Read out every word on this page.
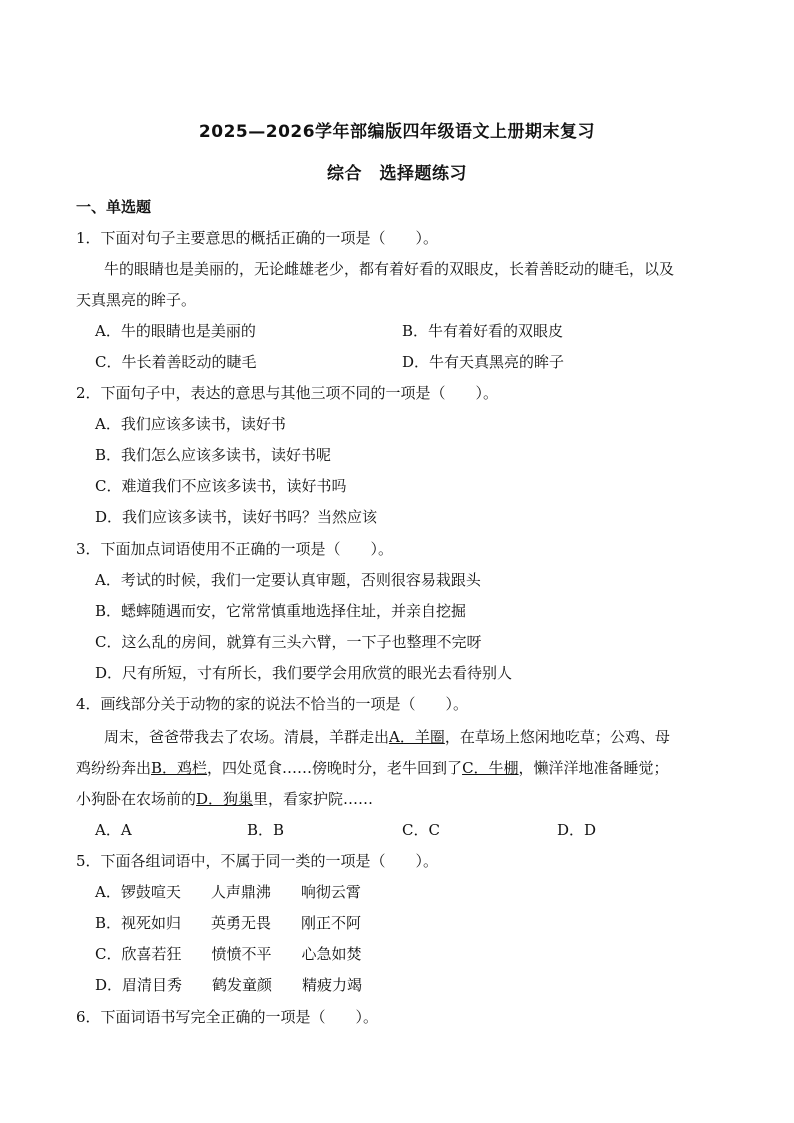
2025—2026学年部编版四年级语文上册期末复习
综合　选择题练习
一、单选题
1．下面对句子主要意思的概括正确的一项是（　　）。
牛的眼睛也是美丽的，无论雌雄老少，都有着好看的双眼皮，长着善眨动的睫毛，以及
天真黑亮的眸子。
A．牛的眼睛也是美丽的	B．牛有着好看的双眼皮
C．牛长着善眨动的睫毛	D．牛有天真黑亮的眸子
2．下面句子中，表达的意思与其他三项不同的一项是（　　）。
A．我们应该多读书，读好书
B．我们怎么应该多读书，读好书呢
C．难道我们不应该多读书，读好书吗
D．我们应该多读书，读好书吗？当然应该
3．下面加点词语使用不正确的一项是（　　）。
A．考试的时候，我们一定要认真审题，否则很容易栽跟头
B．蟋蟀随遇而安，它常常慎重地选择住址，并亲自挖掘
C．这么乱的房间，就算有三头六臂，一下子也整理不完呀
D．尺有所短，寸有所长，我们要学会用欣赏的眼光去看待别人
4．画线部分关于动物的家的说法不恰当的一项是（　　）。
周末，爸爸带我去了农场。清晨，羊群走出A．羊圈，在草场上悠闲地吃草；公鸡、母
鸡纷纷奔出B．鸡栏，四处觅食……傍晚时分，老牛回到了C．牛棚，懒洋洋地准备睡觉；
小狗卧在农场前的D．狗巢里，看家护院……
A．A	B．B	C．C	D．D
5．下面各组词语中，不属于同一类的一项是（　　）。
A．锣鼓喧天　　人声鼎沸　　响彻云霄
B．视死如归　　英勇无畏　　刚正不阿
C．欣喜若狂　　愤愤不平　　心急如焚
D．眉清目秀　　鹤发童颜　　精疲力竭
6．下面词语书写完全正确的一项是（　　）。
